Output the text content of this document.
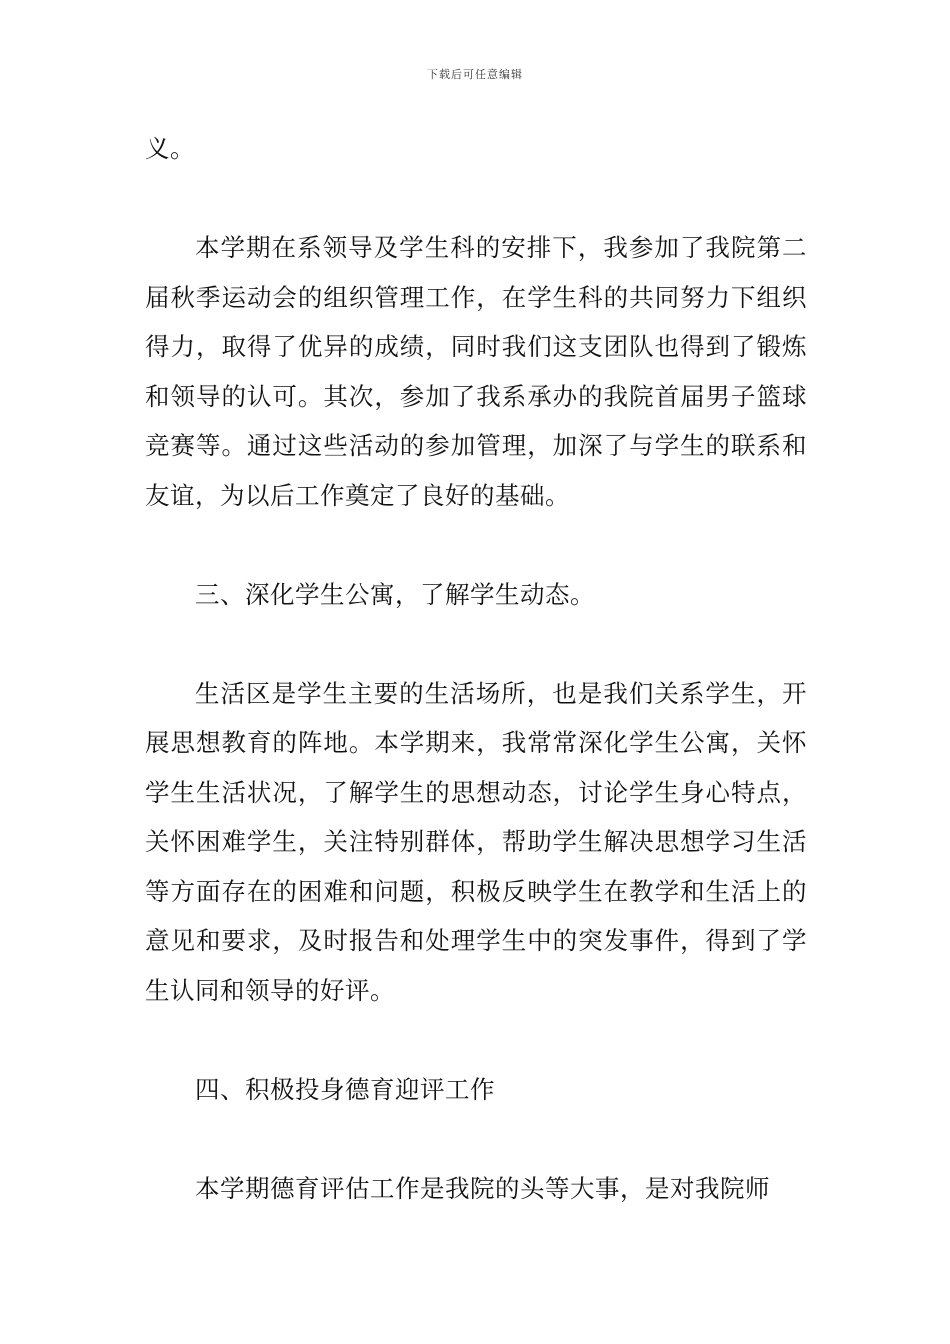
下载后可任意编辑

义。

本学期在系领导及学生科的安排下，我参加了我院第二届秋季运动会的组织管理工作，在学生科的共同努力下组织得力，取得了优异的成绩，同时我们这支团队也得到了锻炼和领导的认可。其次，参加了我系承办的我院首届男子篮球竞赛等。通过这些活动的参加管理，加深了与学生的联系和友谊，为以后工作奠定了良好的基础。

三、深化学生公寓，了解学生动态。

生活区是学生主要的生活场所，也是我们关系学生，开展思想教育的阵地。本学期来，我常常深化学生公寓，关怀学生生活状况，了解学生的思想动态，讨论学生身心特点，关怀困难学生，关注特别群体，帮助学生解决思想学习生活等方面存在的困难和问题，积极反映学生在教学和生活上的意见和要求，及时报告和处理学生中的突发事件，得到了学生认同和领导的好评。

四、积极投身德育迎评工作

本学期德育评估工作是我院的头等大事，是对我院师
